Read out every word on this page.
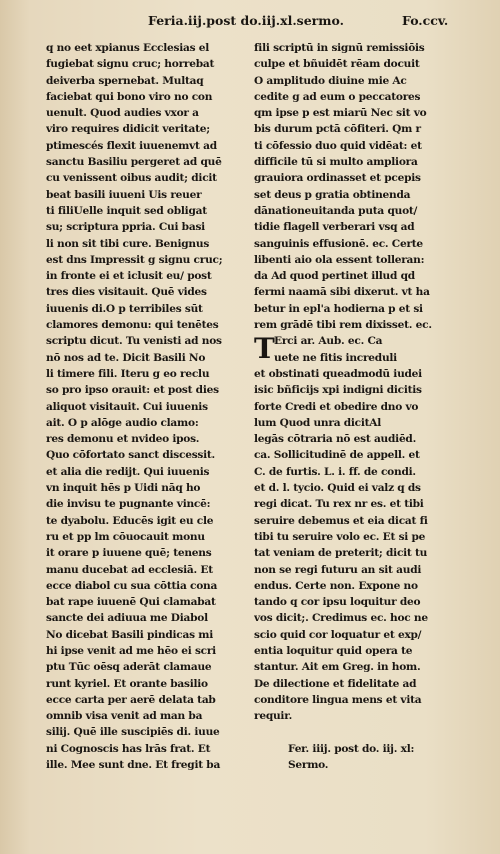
Feria.iij.post do.iij.xl.sermo.	Fo.ccv.
q no eet xpianus Ecclesias el
fugiebat signu cruc; horrebat
deiverba spernebat. Multaq
faciebat qui bono viro no con
uenult. Quod audies vxor a
viro requires didicit veritate;
ptimescés flexit iuuenemvt ad
sanctu Basiliu pergeret ad quē
cu venissent oibus audit; dicit
beat basili iuueni Uis reuer
ti filiUelle inquit sed obligat
su; scriptura ppria. Cui basi
li non sit tibi cure. Benignus
est dns Impressit g signu cruc;
in fronte ei et iclusit eu/ post
tres dies visitauit. Quē vides
iuuenis di.O p terribiles sūt
clamores demonu: qui tenētes
scriptu dicut. Tu venisti ad nos
nō nos ad te. Dicit Basili No
li timere fili. Iteru g eo reclu
so pro ipso orauit: et post dies
aliquot visitauit. Cui iuuenis
ait. O p alōge audio clamo:
res demonu et nvideo ipos.
Quo cōfortato sanct discessit.
et alia die redijt. Qui iuuenis
vn inquit hēs p Uidi nāq ho
die invisu te pugnante vincē:
te dyabolu. Educēs igit eu cle
ru et pp lm cōuocauit monu
it orare p iuuene quē; tenens
manu ducebat ad ecclesiā. Et
ecce diabol cu sua cōttia cona
bat rape iuuenē Qui clamabat
sancte dei adiuua me Diabol
No dicebat Basili pindicas mi
hi ipse venit ad me hēo ei scri
ptu Tūc oēsq aderāt clamaue
runt kyriel. Et orante basilio
ecce carta per aerē delata tab
omnib visa venit ad man ba
silij. Quē ille suscipiēs di. iuue
ni Cognoscis has lrās frat. Et
ille. Mee sunt dne. Et fregit ba
fili scriptū in signū remissiōis
culpe et bñuidēt rēam docuit
O amplitudo diuine mie Ac
cedite g ad eum o peccatores
qm ipse p est miarū Nec sit vo
bis durum pctā cōfiteri. Qm r
ti cōfessio duo quid vidēat: et
difficile tū si multo ampliora
grauiora ordinasset et pcepis
set deus p gratia obtinenda
dānationeuitanda puta quot/
tidie flagell verberari vsq ad
sanguinis effusionē. ec. Certe
libenti aio ola essent tolleran:
da Ad quod pertinet illud qd
fermi naamā sibi dixerut. vt ha
betur in epl'a hodierna p et si
rem grādē tibi rem dixisset. ec.
T Erci ar. Aub. ec. Ca
uete ne fitis increduli
et obstinati queadmodū iudei
isic bñficijs xpi indigni dicitis
forte Credi et obedire dno vo
lum Quod unra dicitAl
legās cōtraria nō est audiēd.
ca. Sollicitudinē de appell. et
C. de furtis. L. i. ff. de condi.
et d. l. tycio. Quid ei valz q ds
regi dicat. Tu rex nr es. et tibi
seruire debemus et eia dicat fi
tibi tu seruire volo ec. Et si pe
tat veniam de preterit; dicit tu
non se regi futuru an sit audi
endus. Certe non. Expone no
tando q cor ipsu loquitur deo
vos dicit;. Credimus ec. hoc ne
scio quid cor loquatur et exp/
entia loquitur quid opera te
stantur. Ait em Greg. in hom.
De dilectione et fidelitate ad
conditore lingua mens et vita
requir.
Fer. iiij. post do. iij. xl:
Sermo.
